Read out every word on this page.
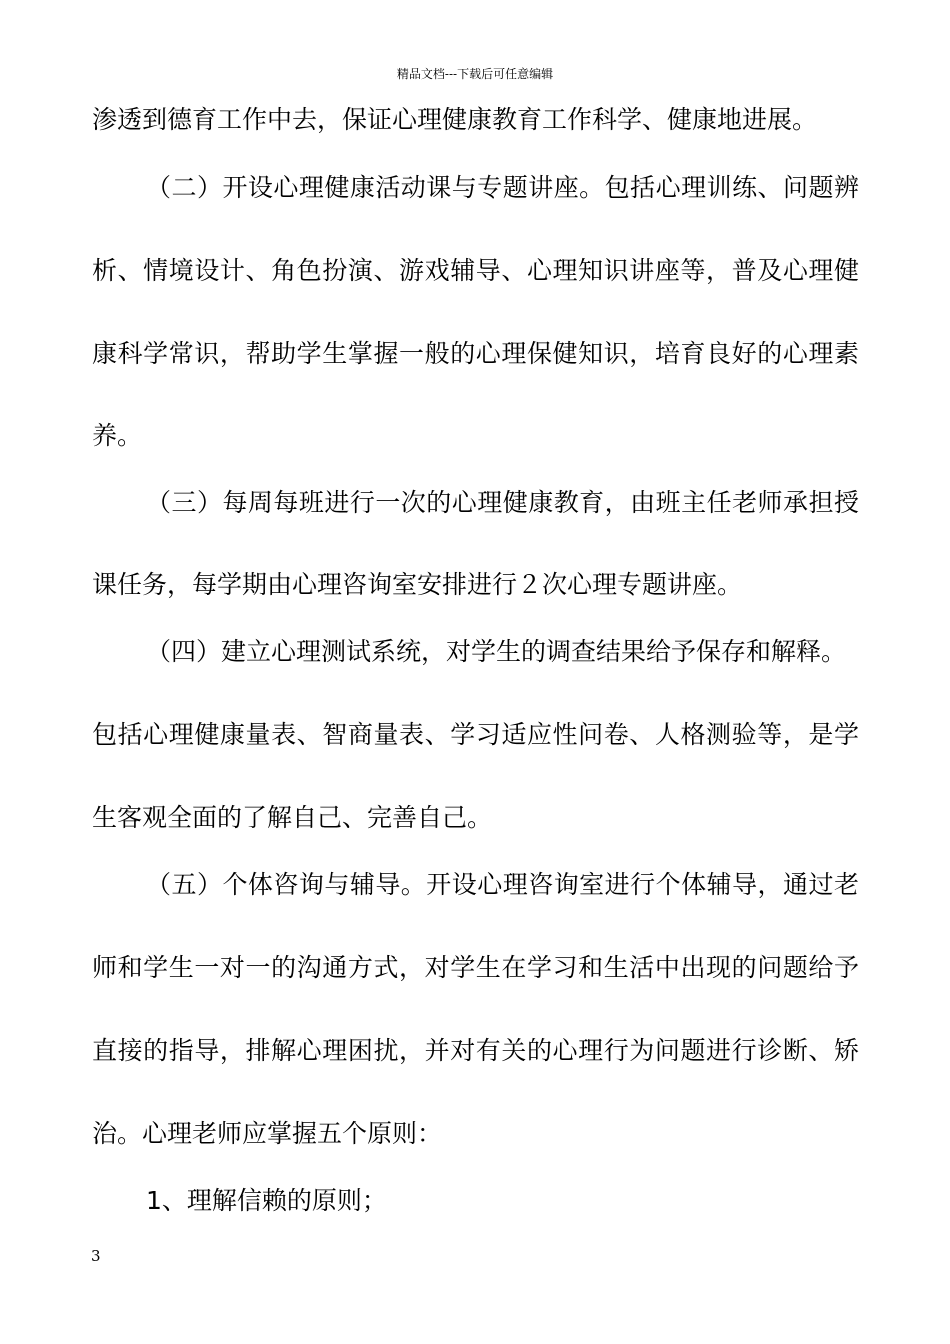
精品文档---下载后可任意编辑
渗透到德育工作中去，保证心理健康教育工作科学、健康地进展。
（二）开设心理健康活动课与专题讲座。包括心理训练、问题辨
析、情境设计、角色扮演、游戏辅导、心理知识讲座等，普及心理健
康科学常识，帮助学生掌握一般的心理保健知识，培育良好的心理素
养。
（三）每周每班进行一次的心理健康教育，由班主任老师承担授
课任务，每学期由心理咨询室安排进行２次心理专题讲座。
（四）建立心理测试系统，对学生的调查结果给予保存和解释。
包括心理健康量表、智商量表、学习适应性问卷、人格测验等，是学
生客观全面的了解自己、完善自己。
（五）个体咨询与辅导。开设心理咨询室进行个体辅导，通过老
师和学生一对一的沟通方式，对学生在学习和生活中出现的问题给予
直接的指导，排解心理困扰，并对有关的心理行为问题进行诊断、矫
治。心理老师应掌握五个原则：
1、理解信赖的原则；
3
